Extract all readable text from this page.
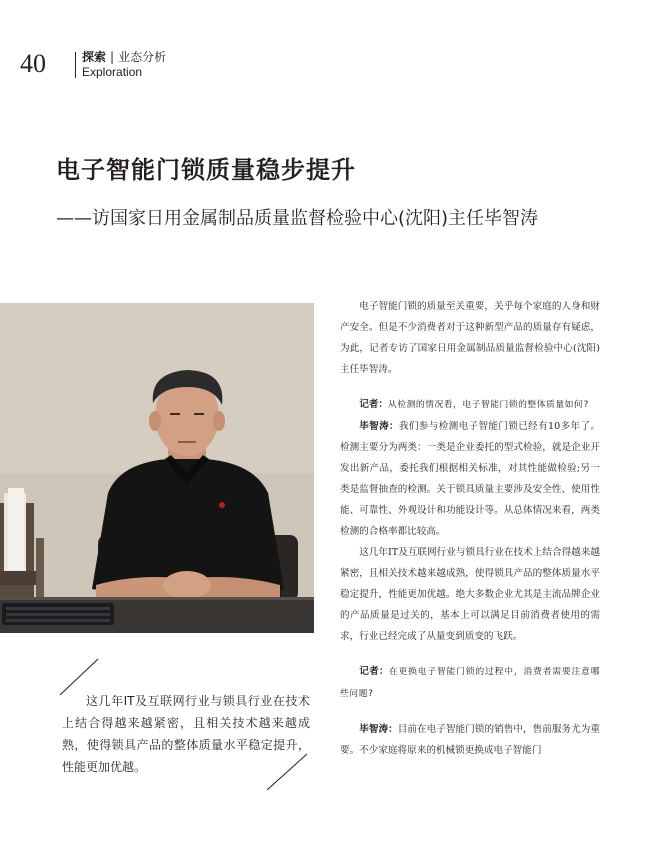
40	探索 | 业态分析
Exploration
电子智能门锁质量稳步提升
——访国家日用金属制品质量监督检验中心(沈阳)主任毕智涛
这几年IT及互联网行业与锁具行业在技术上结合得越来越紧密，且相关技术越来越成熟，使得锁具产品的整体质量水平稳定提升，性能更加优越。

电子智能门锁的质量至关重要，关乎每个家庭的人身和财产安全。但是不少消费者对于这种新型产品的质量存有疑虑，为此，记者专访了国家日用金属制品质量监督检验中心(沈阳)主任毕智涛。

记者：从检测的情况看，电子智能门锁的整体质量如何?

毕智涛：我们参与检测电子智能门锁已经有10多年了。检测主要分为两类：一类是企业委托的型式检验，就是企业开发出新产品，委托我们根据相关标准，对其性能做检验;另一类是监督抽查的检测。关于锁具质量主要涉及安全性、使用性能、可靠性、外观设计和功能设计等。从总体情况来看，两类检测的合格率都比较高。

这几年IT及互联网行业与锁具行业在技术上结合得越来越紧密，且相关技术越来越成熟，使得锁具产品的整体质量水平稳定提升，性能更加优越。绝大多数企业尤其是主流品牌企业的产品质量是过关的，基本上可以满足目前消费者使用的需求，行业已经完成了从量变到质变的飞跃。

记者：在更换电子智能门锁的过程中，消费者需要注意哪些问题?

毕智涛：目前在电子智能门锁的销售中，售前服务尤为重要。不少家庭将原来的机械锁更换成电子智能门
